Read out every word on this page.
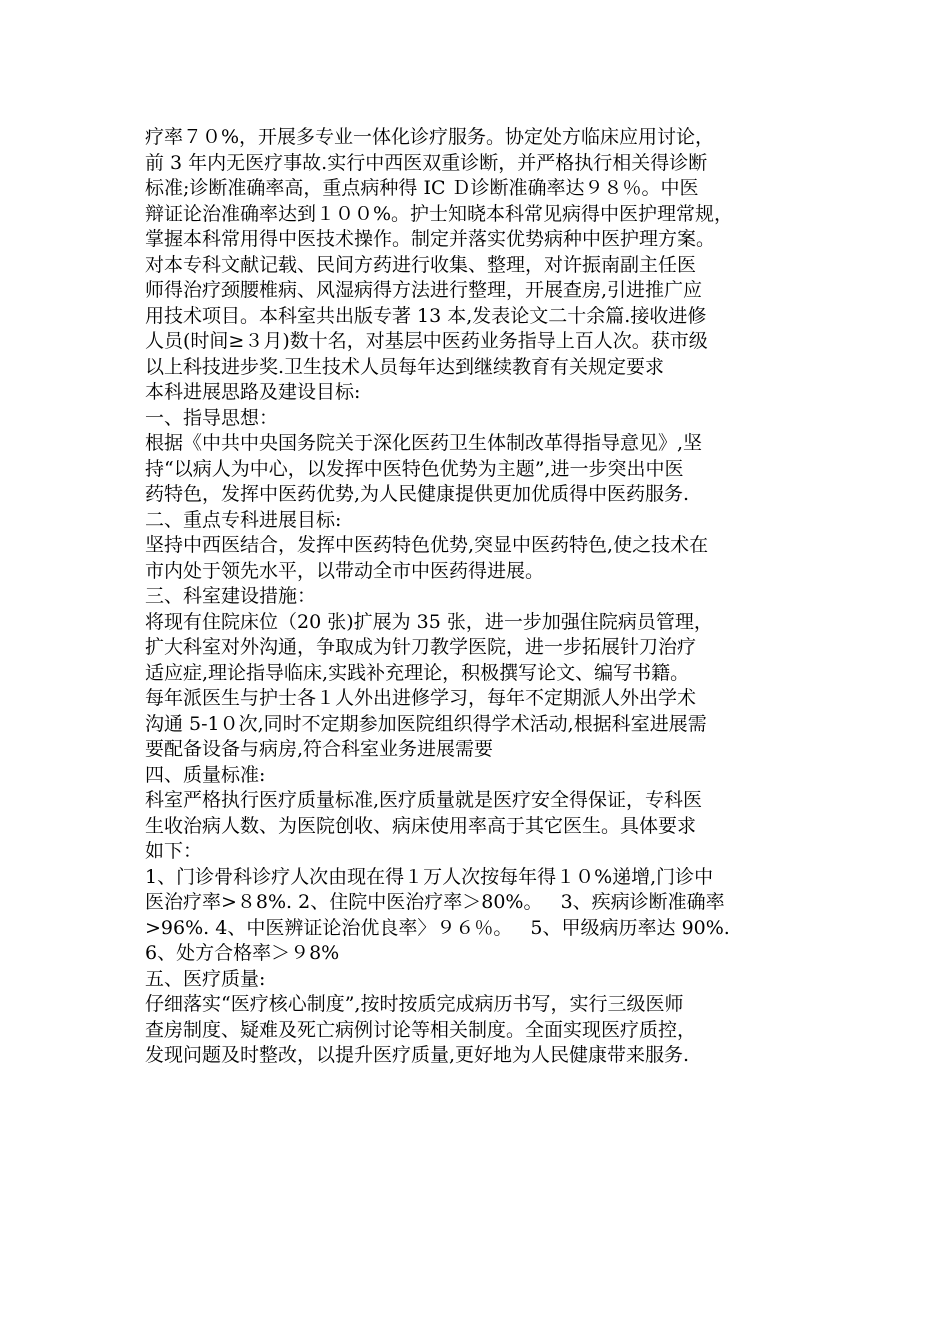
疗率７０%，开展多专业一体化诊疗服务。协定处方临床应用讨论，
前 3 年内无医疗事故.实行中西医双重诊断，并严格执行相关得诊断
标准;诊断准确率高，重点病种得 IC Ｄ诊断准确率达９８％。中医
辩证论治准确率达到１００%。护士知晓本科常见病得中医护理常规，
掌握本科常用得中医技术操作。制定并落实优势病种中医护理方案。
对本专科文献记载、民间方药进行收集、整理，对许振南副主任医
师得治疗颈腰椎病、风湿病得方法进行整理，开展查房,引进推广应
用技术项目。本科室共出版专著 13 本,发表论文二十余篇.接收进修
人员(时间≥３月)数十名，对基层中医药业务指导上百人次。获市级
以上科技进步奖.卫生技术人员每年达到继续教育有关规定要求
本科进展思路及建设目标:
一、指导思想：
根据《中共中央国务院关于深化医药卫生体制改革得指导意见》,坚
持“以病人为中心，以发挥中医特色优势为主题”,进一步突出中医
药特色，发挥中医药优势,为人民健康提供更加优质得中医药服务.
二、重点专科进展目标:
坚持中西医结合，发挥中医药特色优势,突显中医药特色,使之技术在
市内处于领先水平，以带动全市中医药得进展。
三、科室建设措施：
将现有住院床位（20 张)扩展为 35 张，进一步加强住院病员管理，
扩大科室对外沟通，争取成为针刀教学医院，进一步拓展针刀治疗
适应症,理论指导临床,实践补充理论，积极撰写论文、编写书籍。
每年派医生与护士各１人外出进修学习，每年不定期派人外出学术
沟通 5-1０次,同时不定期参加医院组织得学术活动,根据科室进展需
要配备设备与病房,符合科室业务进展需要
四、质量标准:
科室严格执行医疗质量标准,医疗质量就是医疗安全得保证，专科医
生收治病人数、为医院创收、病床使用率高于其它医生。具体要求
如下：
1、门诊骨科诊疗人次由现在得１万人次按每年得１０%递增,门诊中
医治疗率>８8%. 2、住院中医治疗率＞80%。   3、疾病诊断准确率
>96%. 4、中医辨证论治优良率〉９６％。   5、甲级病历率达 90%.
6、处方合格率＞９8%
五、医疗质量:
仔细落实“医疗核心制度”,按时按质完成病历书写，实行三级医师
查房制度、疑难及死亡病例讨论等相关制度。全面实现医疗质控，
发现问题及时整改，以提升医疗质量,更好地为人民健康带来服务.
